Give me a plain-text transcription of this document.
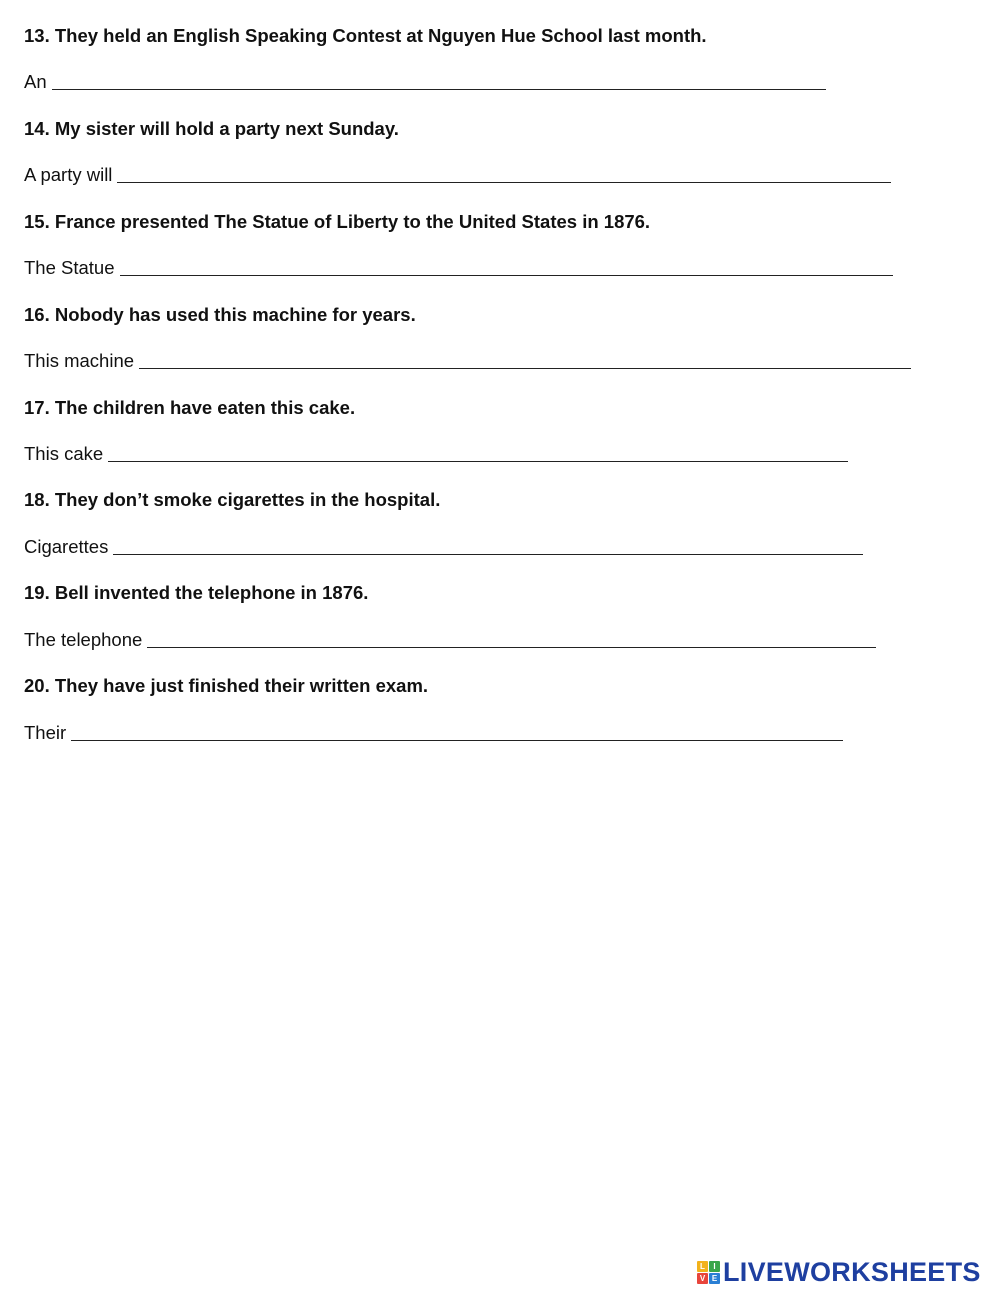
13. They held an English Speaking Contest at Nguyen Hue School last month.

An

14. My sister will hold a party next Sunday.

A party will

15. France presented The Statue of Liberty to the United States in 1876.

The Statue

16. Nobody has used this machine for years.

This machine

17. The children have eaten this cake.

This cake

18. They don’t smoke cigarettes in the hospital.

Cigarettes

19. Bell invented the telephone in 1876.

The telephone

20. They have just finished their written exam.

Their
L	I
V E LIVEWORKSHEETS
